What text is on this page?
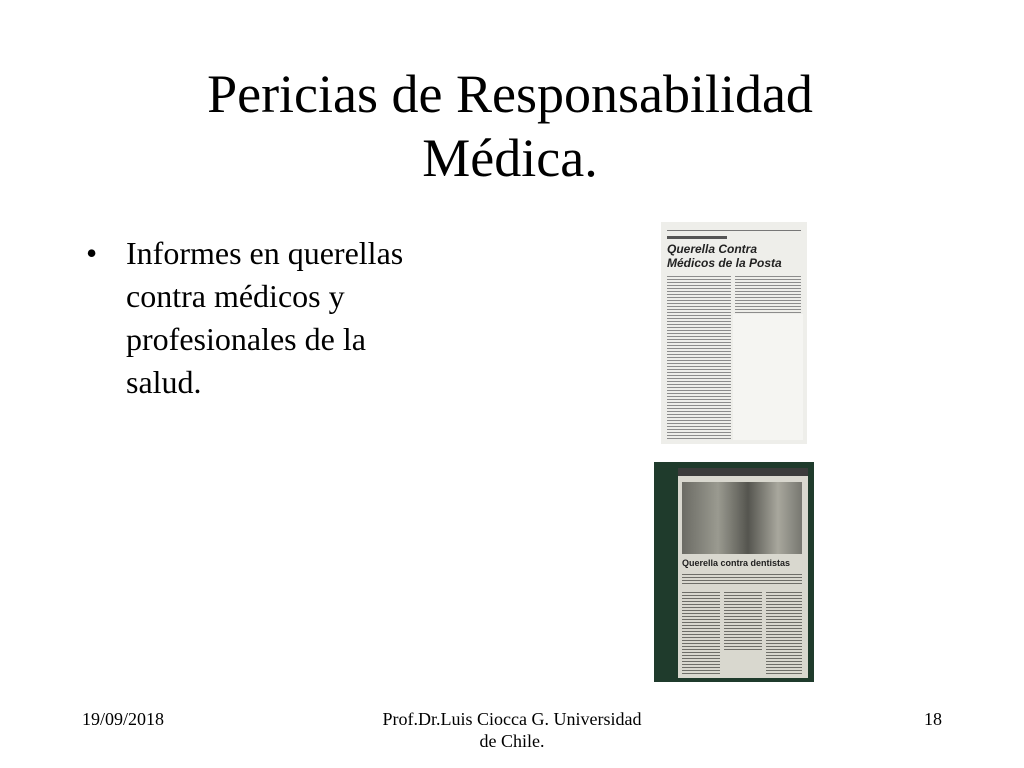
Pericias de Responsabilidad
Médica.
• Informes en querellas
contra médicos y
profesionales de la
salud.
Querella Contra
Médicos de la Posta
Querella contra dentistas
19/09/2018	Prof.Dr.Luis Ciocca G. Universidad
de Chile.
18
